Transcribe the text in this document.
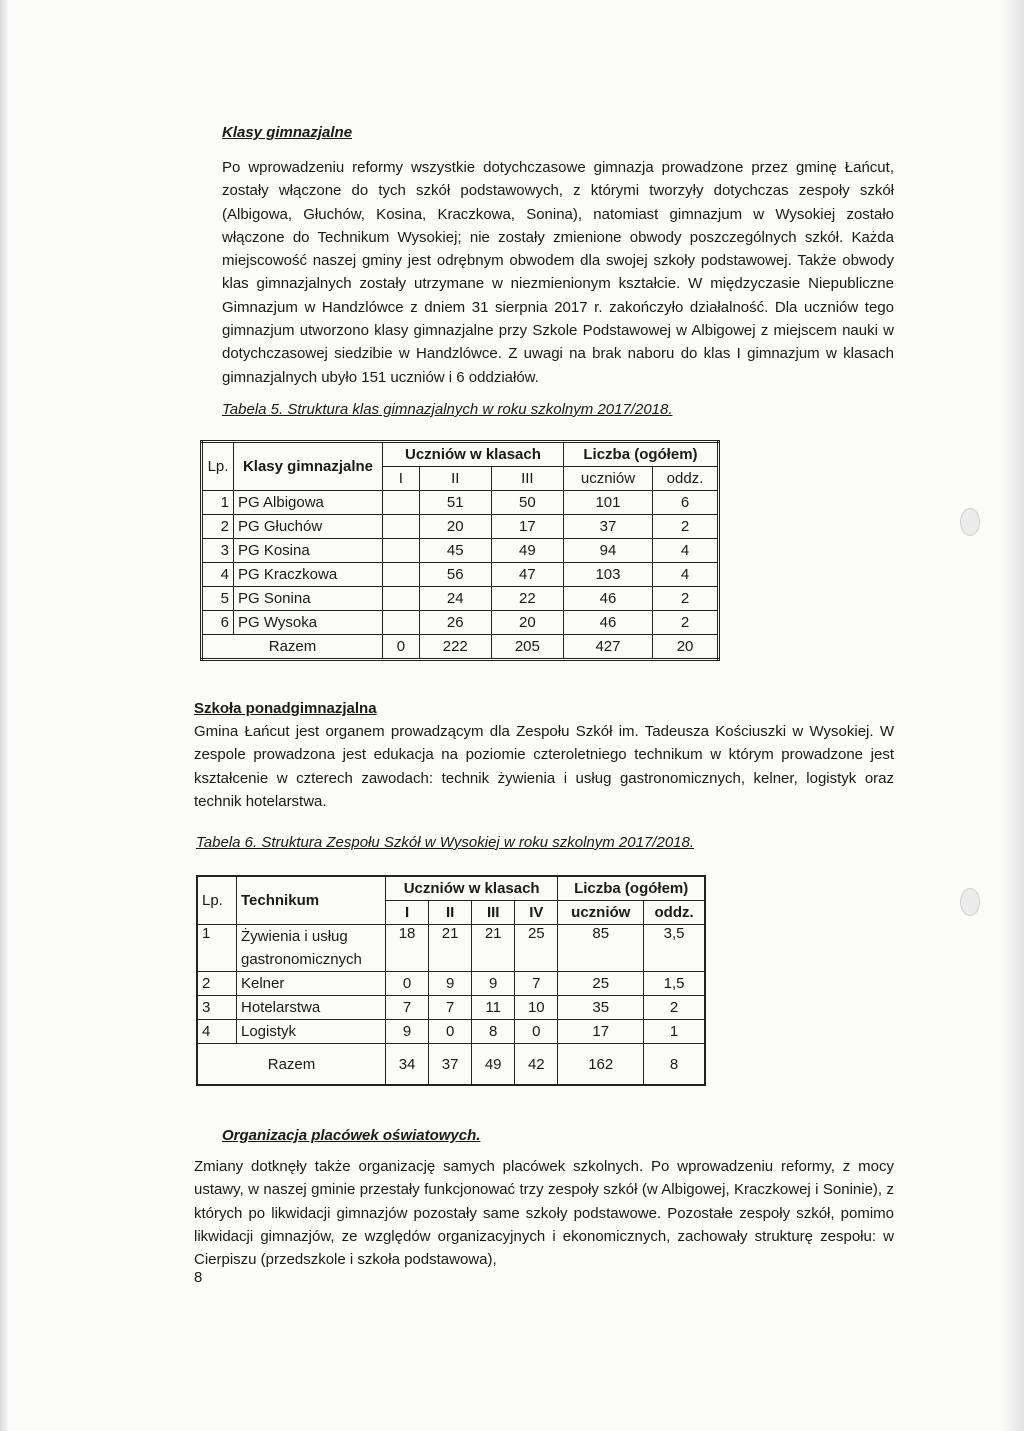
Klasy gimnazjalne
Po wprowadzeniu reformy wszystkie dotychczasowe gimnazja prowadzone przez gminę Łańcut, zostały włączone do tych szkół podstawowych, z którymi tworzyły dotychczas zespoły szkół (Albigowa, Głuchów, Kosina, Kraczkowa, Sonina), natomiast gimnazjum w Wysokiej zostało włączone do Technikum Wysokiej; nie zostały zmienione obwody poszczególnych szkół. Każda miejscowość naszej gminy jest odrębnym obwodem dla swojej szkoły podstawowej. Także obwody klas gimnazjalnych zostały utrzymane w niezmienionym kształcie. W międzyczasie Niepubliczne Gimnazjum w Handzlówce z dniem 31 sierpnia 2017 r. zakończyło działalność. Dla uczniów tego gimnazjum utworzono klasy gimnazjalne przy Szkole Podstawowej w Albigowej z miejscem nauki w dotychczasowej siedzibie w Handzlówce. Z uwagi na brak naboru do klas I gimnazjum w klasach gimnazjalnych ubyło 151 uczniów i 6 oddziałów.
Tabela 5. Struktura klas gimnazjalnych w roku szkolnym 2017/2018.
Lp.	Klasy gimnazjalne	Uczniów w klasach			Liczba (ogółem)	
		I	II	III	uczniów	oddz.
1	PG Albigowa		51	50	101	6
2	PG Głuchów		20	17	37	2
3	PG Kosina		45	49	94	4
4	PG Kraczkowa		56	47	103	4
5	PG Sonina		24	22	46	2
6	PG Wysoka		26	20	46	2
Razem		0	222	205	427	20
Szkoła ponadgimnazjalna
Gmina Łańcut jest organem prowadzącym dla Zespołu Szkół im. Tadeusza Kościuszki w Wysokiej. W zespole prowadzona jest edukacja na poziomie czteroletniego technikum w którym prowadzone jest kształcenie w czterech zawodach: technik żywienia i usług gastronomicznych, kelner, logistyk oraz technik hotelarstwa.
Tabela 6. Struktura Zespołu Szkół w Wysokiej w roku szkolnym 2017/2018.
Lp.	Technikum	Uczniów w klasach				Liczba (ogółem)	
		I	II	III	IV	uczniów	oddz.
1	Żywienia i usług gastronomicznych	18	21	21	25	85	3,5
2	Kelner	0	9	9	7	25	1,5
3	Hotelarstwa	7	7	11	10	35	2
4	Logistyk	9	0	8	0	17	1
Razem		34	37	49	42	162	8
Organizacja placówek oświatowych.
Zmiany dotknęły także organizację samych placówek szkolnych. Po wprowadzeniu reformy, z mocy ustawy, w naszej gminie przestały funkcjonować trzy zespoły szkół (w Albigowej, Kraczkowej i Soninie), z których po likwidacji gimnazjów pozostały same szkoły podstawowe. Pozostałe zespoły szkół, pomimo likwidacji gimnazjów, ze względów organizacyjnych i ekonomicznych, zachowały strukturę zespołu: w Cierpiszu (przedszkole i szkoła podstawowa),
8
